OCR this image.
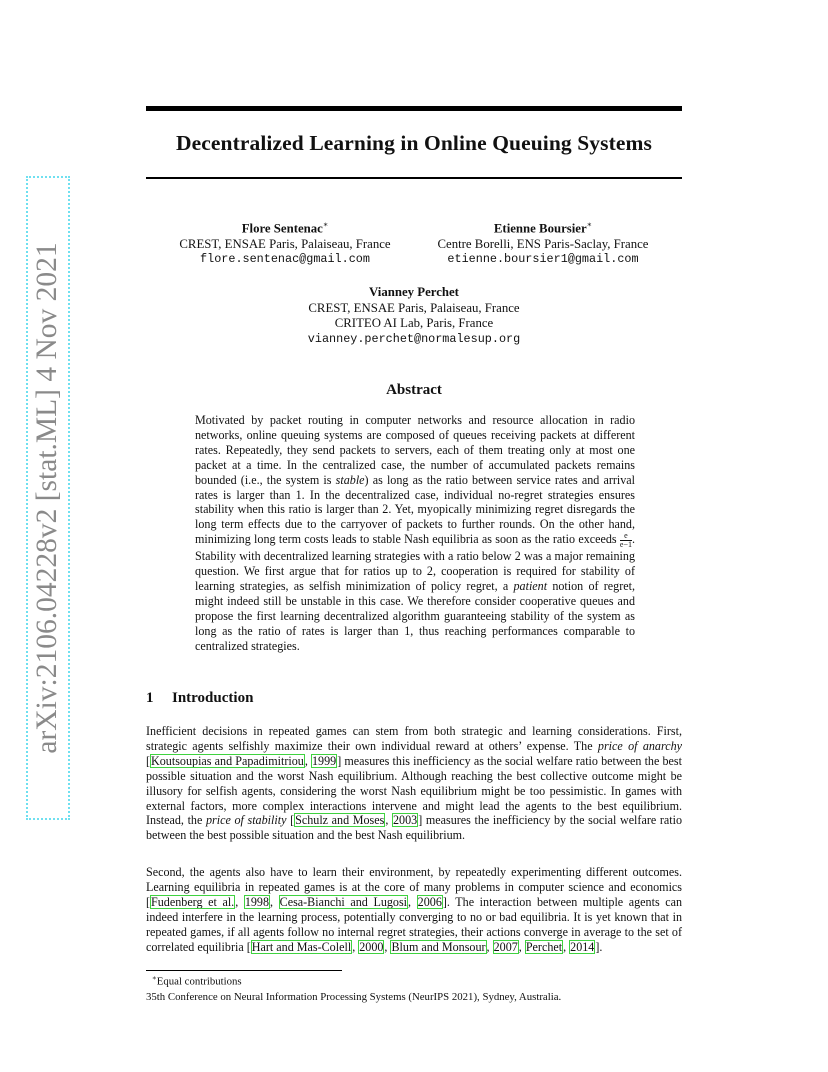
arXiv:2106.04228v2 [stat.ML] 4 Nov 2021
Decentralized Learning in Online Queuing Systems
Flore Sentenac∗
CREST, ENSAE Paris, Palaiseau, France
flore.sentenac@gmail.com
Etienne Boursier∗
Centre Borelli, ENS Paris-Saclay, France
etienne.boursier1@gmail.com
Vianney Perchet
CREST, ENSAE Paris, Palaiseau, France
CRITEO AI Lab, Paris, France
vianney.perchet@normalesup.org
Abstract
Motivated by packet routing in computer networks and resource allocation in radio networks, online queuing systems are composed of queues receiving packets at different rates. Repeatedly, they send packets to servers, each of them treating only at most one packet at a time. In the centralized case, the number of accumulated packets remains bounded (i.e., the system is stable) as long as the ratio between service rates and arrival rates is larger than 1. In the decentralized case, individual no-regret strategies ensures stability when this ratio is larger than 2. Yet, myopically minimizing regret disregards the long term effects due to the carryover of packets to further rounds. On the other hand, minimizing long term costs leads to stable Nash equilibria as soon as the ratio exceeds $\frac{e}{e-1}$ . Stability with decentralized learning strategies with a ratio below 2 was a major remaining question. We first argue that for ratios up to 2, cooperation is required for stability of learning strategies, as selfish minimization of policy regret, a patient notion of regret, might indeed still be unstable in this case. We therefore consider cooperative queues and propose the first learning decentralized algorithm guaranteeing stability of the system as long as the ratio of rates is larger than 1, thus reaching performances comparable to centralized strategies.
1 Introduction
Inefficient decisions in repeated games can stem from both strategic and learning considerations. First, strategic agents selfishly maximize their own individual reward at others’ expense. The price of anarchy [Koutsoupias and Papadimitriou, 1999] measures this inefficiency as the social welfare ratio between the best possible situation and the worst Nash equilibrium. Although reaching the best collective outcome might be illusory for selfish agents, considering the worst Nash equilibrium might be too pessimistic. In games with external factors, more complex interactions intervene and might lead the agents to the best equilibrium. Instead, the price of stability [Schulz and Moses, 2003] measures the inefficiency by the social welfare ratio between the best possible situation and the best Nash equilibrium.
Second, the agents also have to learn their environment, by repeatedly experimenting different outcomes. Learning equilibria in repeated games is at the core of many problems in computer science and economics [Fudenberg et al., 1998, Cesa-Bianchi and Lugosi, 2006]. The interaction between multiple agents can indeed interfere in the learning process, potentially converging to no or bad equilibria. It is yet known that in repeated games, if all agents follow no internal regret strategies, their actions converge in average to the set of correlated equilibria [Hart and Mas-Colell, 2000, Blum and Monsour, 2007, Perchet, 2014].
∗Equal contributions
35th Conference on Neural Information Processing Systems (NeurIPS 2021), Sydney, Australia.
